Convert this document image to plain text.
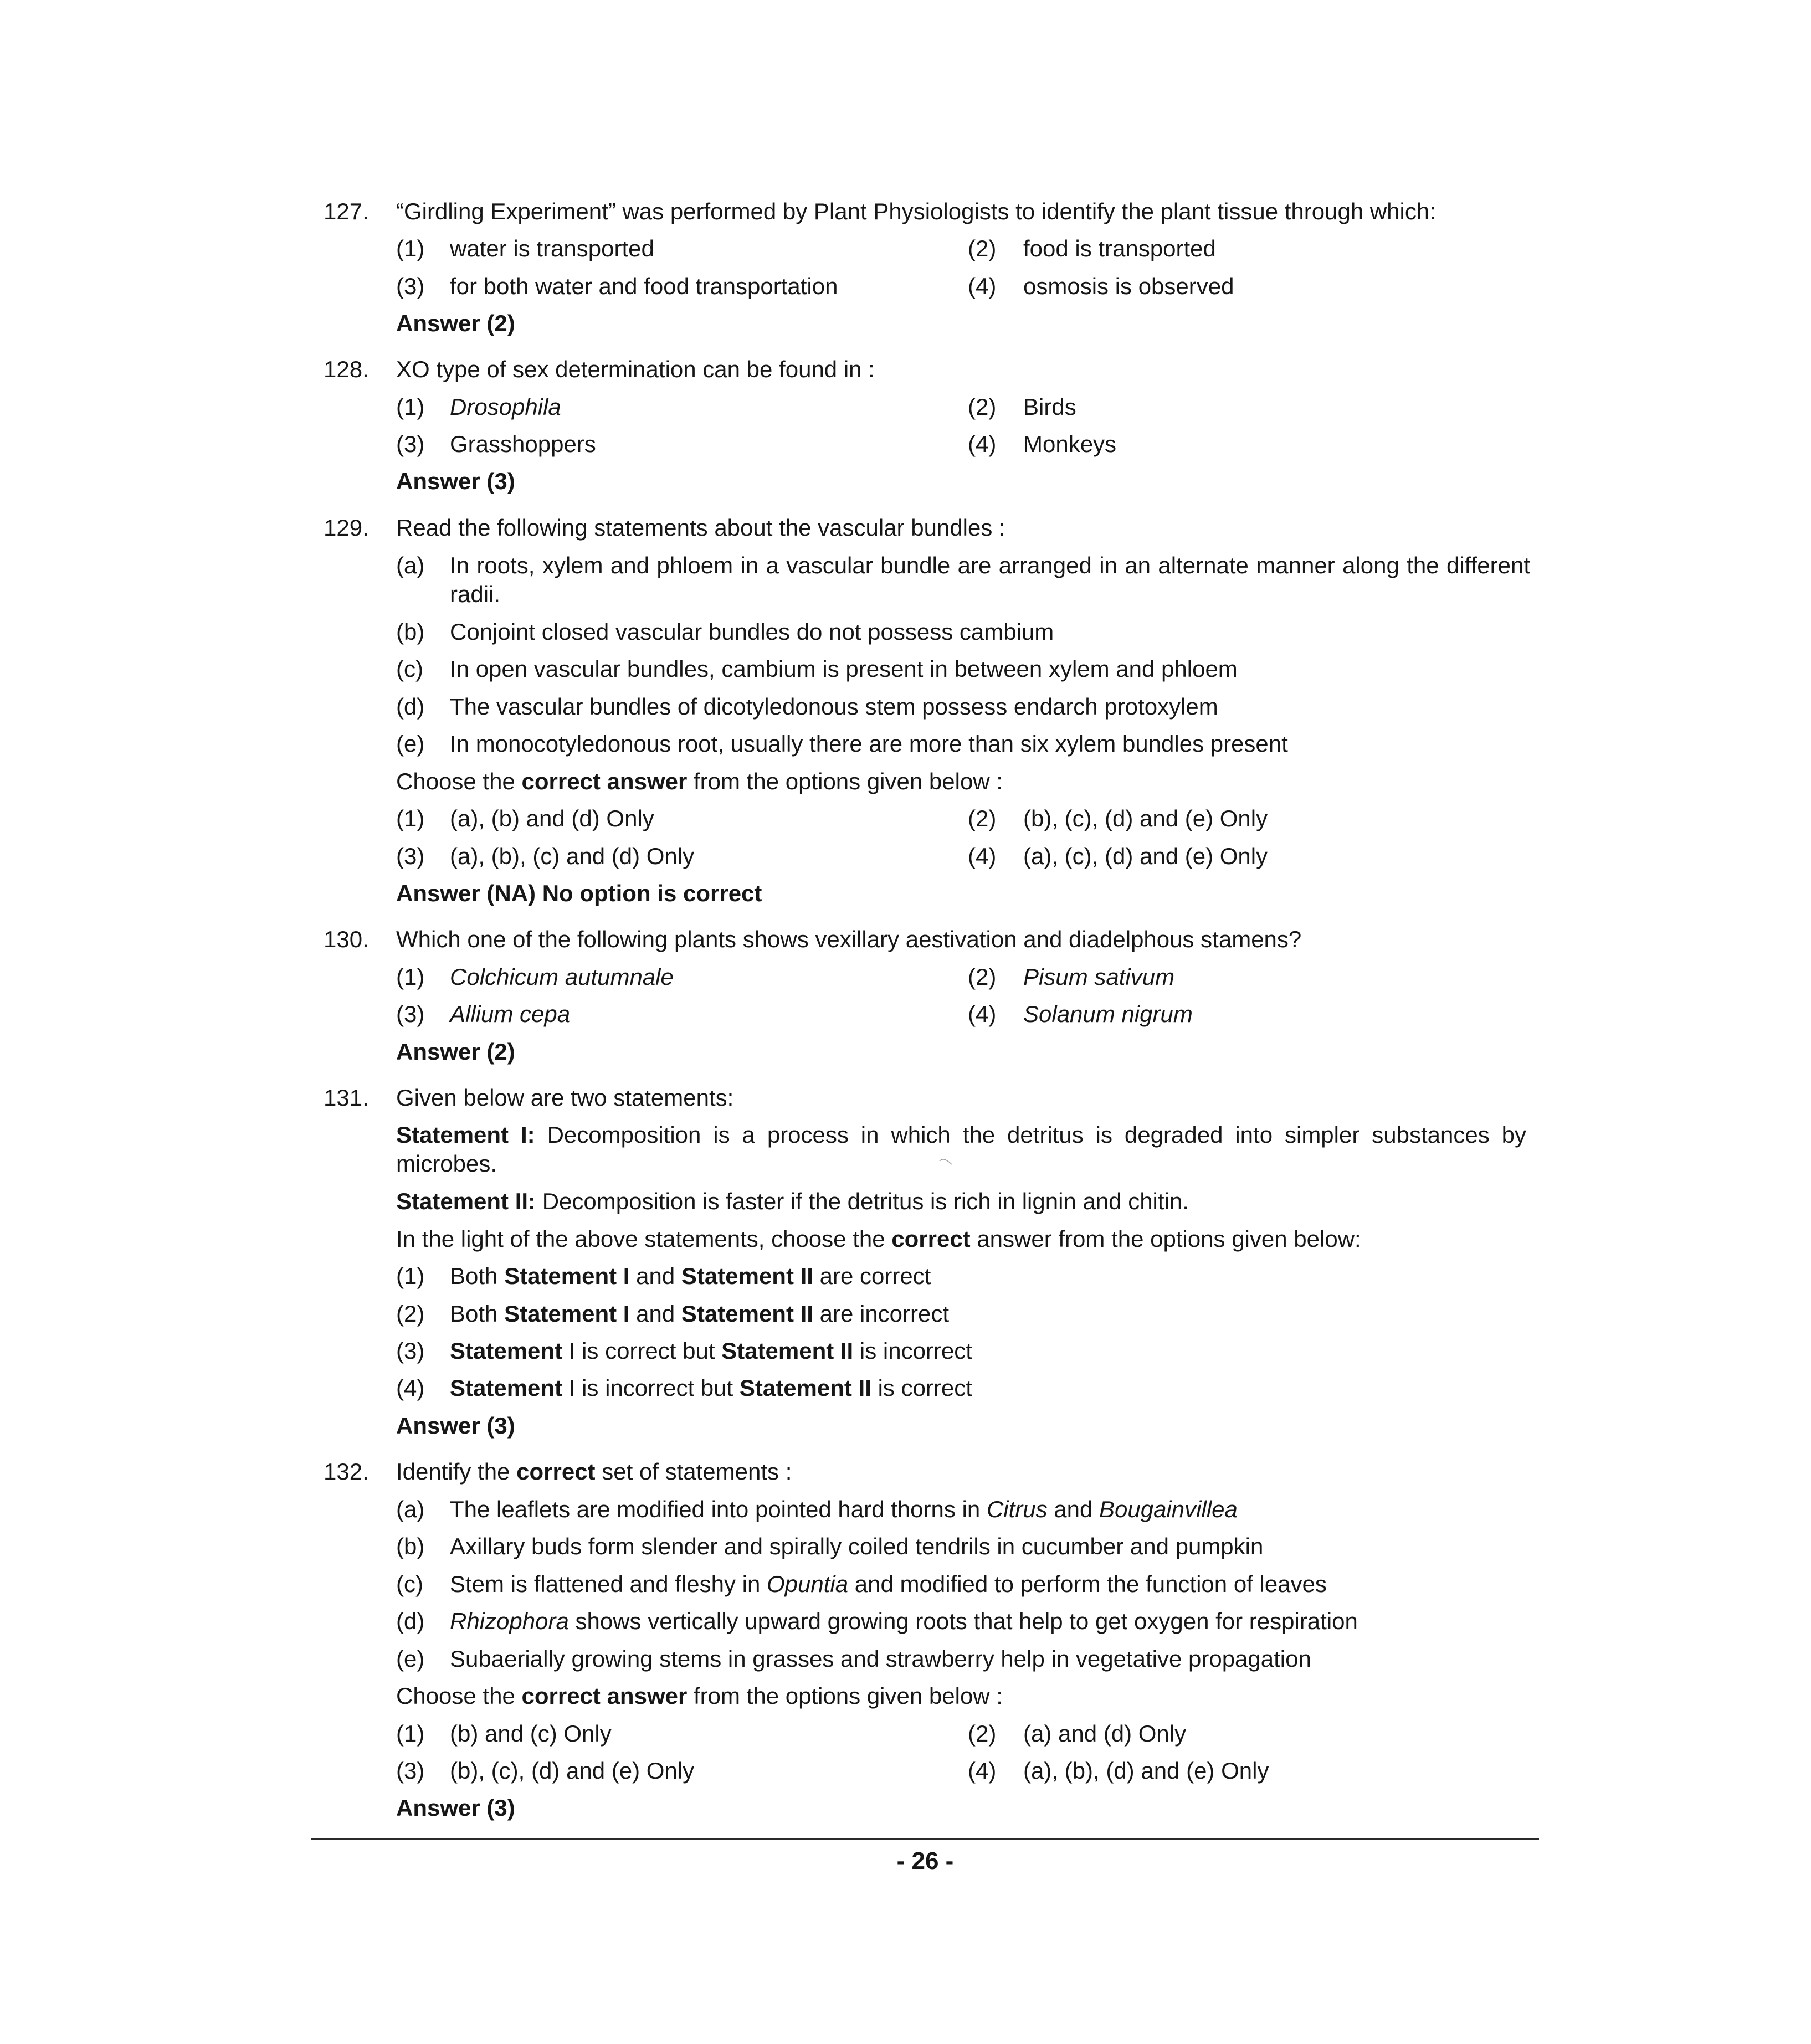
127. “Girdling Experiment” was performed by Plant Physiologists to identify the plant tissue through which:
(1) water is transported	(2) food is transported
(3) for both water and food transportation	(4) osmosis is observed
Answer (2)
128. XO type of sex determination can be found in :
(1) Drosophila	(2) Birds
(3) Grasshoppers	(4) Monkeys
Answer (3)
129. Read the following statements about the vascular bundles :
(a) In roots, xylem and phloem in a vascular bundle are arranged in an alternate manner along the different radii.
(b) Conjoint closed vascular bundles do not possess cambium
(c) In open vascular bundles, cambium is present in between xylem and phloem
(d) The vascular bundles of dicotyledonous stem possess endarch protoxylem
(e) In monocotyledonous root, usually there are more than six xylem bundles present
Choose the correct answer from the options given below :
(1) (a), (b) and (d) Only	(2) (b), (c), (d) and (e) Only
(3) (a), (b), (c) and (d) Only	(4) (a), (c), (d) and (e) Only
Answer (NA) No option is correct
130. Which one of the following plants shows vexillary aestivation and diadelphous stamens?
(1) Colchicum autumnale	(2) Pisum sativum
(3) Allium cepa	(4) Solanum nigrum
Answer (2)
131. Given below are two statements:
Statement I: Decomposition is a process in which the detritus is degraded into simpler substances by microbes.
Statement II: Decomposition is faster if the detritus is rich in lignin and chitin.
In the light of the above statements, choose the correct answer from the options given below:
(1) Both Statement I and Statement II are correct
(2) Both Statement I and Statement II are incorrect
(3) Statement I is correct but Statement II is incorrect
(4) Statement I is incorrect but Statement II is correct
Answer (3)
132. Identify the correct set of statements :
(a) The leaflets are modified into pointed hard thorns in Citrus and Bougainvillea
(b) Axillary buds form slender and spirally coiled tendrils in cucumber and pumpkin
(c) Stem is flattened and fleshy in Opuntia and modified to perform the function of leaves
(d) Rhizophora shows vertically upward growing roots that help to get oxygen for respiration
(e) Subaerially growing stems in grasses and strawberry help in vegetative propagation
Choose the correct answer from the options given below :
(1) (b) and (c) Only	(2) (a) and (d) Only
(3) (b), (c), (d) and (e) Only	(4) (a), (b), (d) and (e) Only
Answer (3)
- 26 -
